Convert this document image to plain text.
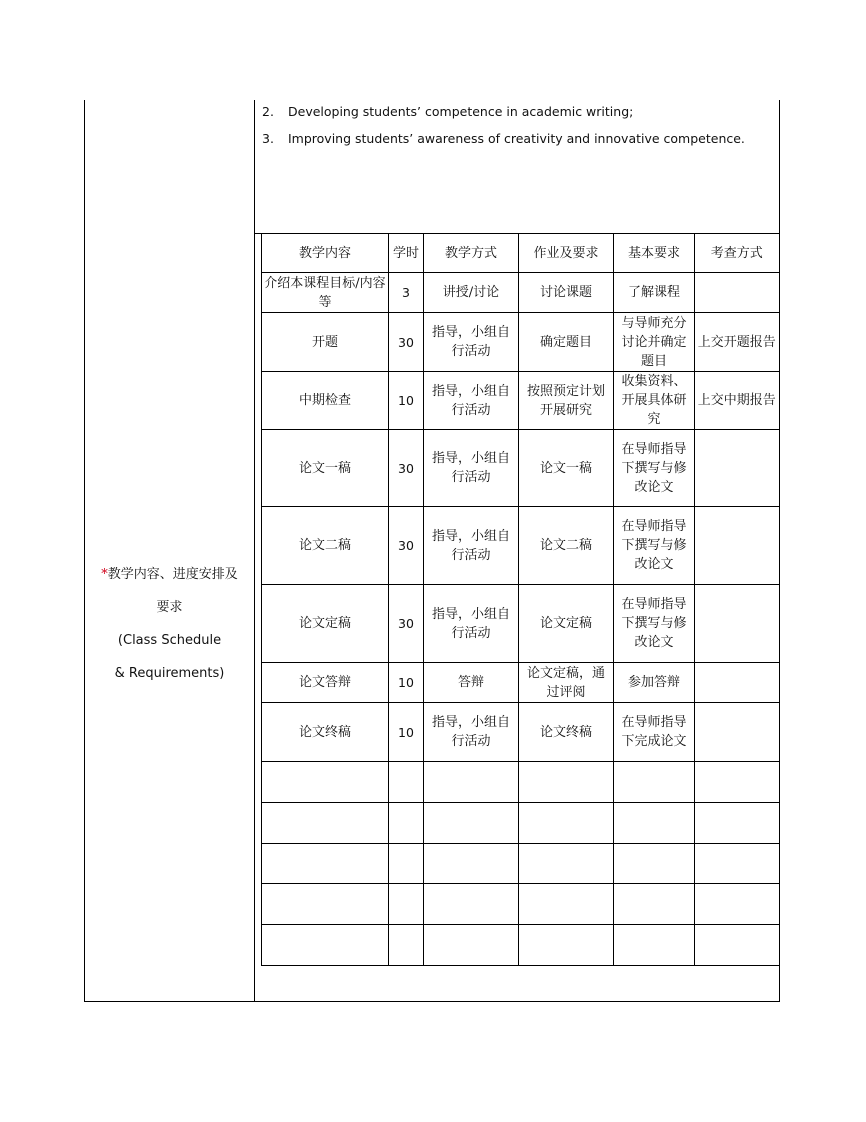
2. Developing students’ competence in academic writing;
3. Improving students’ awareness of creativity and innovative competence.
*教学内容、进度安排及
要求
(Class Schedule
& Requirements)
教学内容	学时	教学方式	作业及要求	基本要求	考查方式
介绍本课程目标/内容等	3	讲授/讨论	讨论课题	了解课程	
开题	30	指导，小组自行活动	确定题目	与导师充分讨论并确定题目	上交开题报告
中期检查	10	指导，小组自行活动	按照预定计划开展研究	收集资料、开展具体研究	上交中期报告
论文一稿	30	指导，小组自行活动	论文一稿	在导师指导下撰写与修改论文	
论文二稿	30	指导，小组自行活动	论文二稿	在导师指导下撰写与修改论文	
论文定稿	30	指导，小组自行活动	论文定稿	在导师指导下撰写与修改论文	
论文答辩	10	答辩	论文定稿，通过评阅	参加答辩	
论文终稿	10	指导，小组自行活动	论文终稿	在导师指导下完成论文	
